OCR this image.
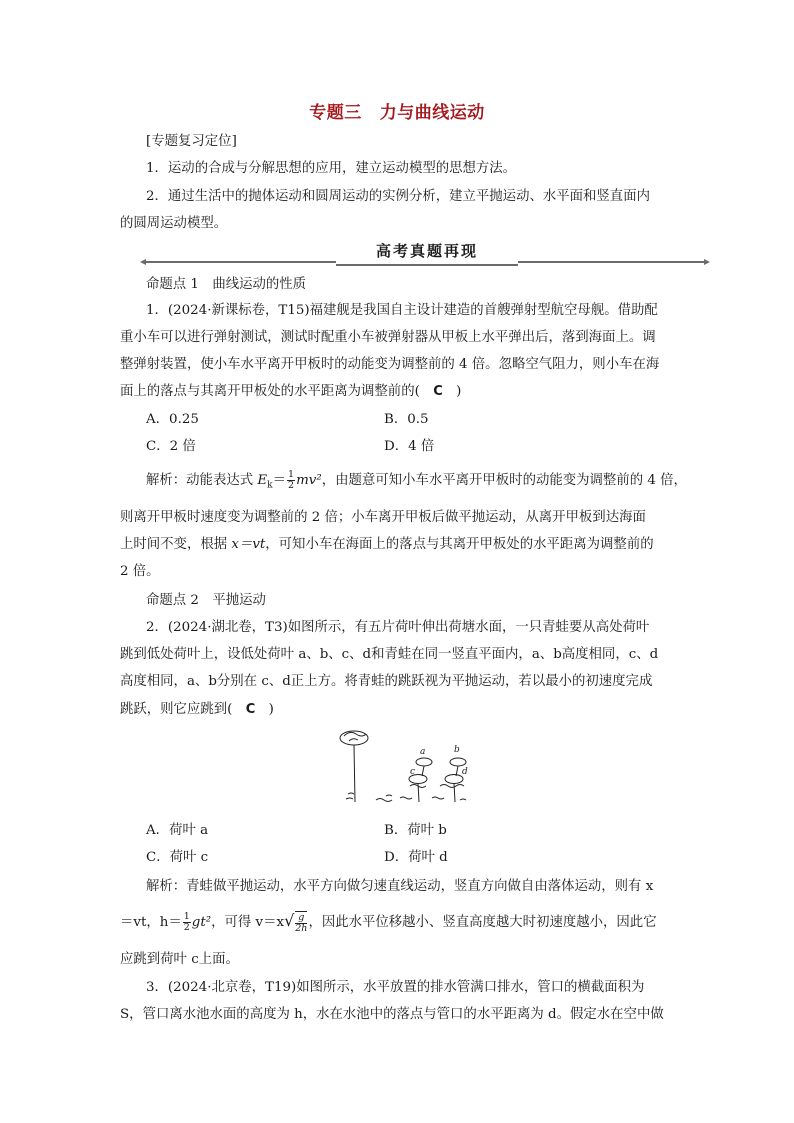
专题三 力与曲线运动
[专题复习定位]
1．运动的合成与分解思想的应用，建立运动模型的思想方法。
2．通过生活中的抛体运动和圆周运动的实例分析，建立平抛运动、水平面和竖直面内
的圆周运动模型。
高考真题再现
命题点 1　曲线运动的性质
1．(2024·新课标卷，T15)福建舰是我国自主设计建造的首艘弹射型航空母舰。借助配
重小车可以进行弹射测试，测试时配重小车被弹射器从甲板上水平弹出后，落到海面上。调
整弹射装置，使小车水平离开甲板时的动能变为调整前的 4 倍。忽略空气阻力，则小车在海
面上的落点与其离开甲板处的水平距离为调整前的(　C　)
A．0.25	B．0.5
C．2 倍	D．4 倍
解析：动能表达式 $E_k= \frac{1}{2} mv^2$，由题意可知小车水平离开甲板时的动能变为调整前的 4 倍，
则离开甲板时速度变为调整前的 2 倍；小车离开甲板后做平抛运动，从离开甲板到达海面
上时间不变，根据 x＝vt，可知小车在海面上的落点与其离开甲板处的水平距离为调整前的
2 倍。
命题点 2　平抛运动
2．(2024·湖北卷，T3)如图所示，有五片荷叶伸出荷塘水面，一只青蛙要从高处荷叶
跳到低处荷叶上，设低处荷叶 a、b、c、d和青蛙在同一竖直平面内，a、b高度相同，c、d
高度相同，a、b分别在 c、d正上方。将青蛙的跳跃视为平抛运动，若以最小的初速度完成
跳跃，则它应跳到(　C　)
a	b
c	d
A．荷叶 a	B．荷叶 b
C．荷叶 c	D．荷叶 d
解析：青蛙做平抛运动，水平方向做匀速直线运动，竖直方向做自由落体运动，则有 x
＝vt，$h= \frac{1}{2} gt^2$，可得 $v=x√ \frac{g}{2h}$ ，因此水平位移越小、竖直高度越大时初速度越小，因此它
应跳到荷叶 c上面。
3．(2024·北京卷，T19)如图所示，水平放置的排水管满口排水，管口的横截面积为
S，管口离水池水面的高度为 h，水在水池中的落点与管口的水平距离为 d。假定水在空中做
